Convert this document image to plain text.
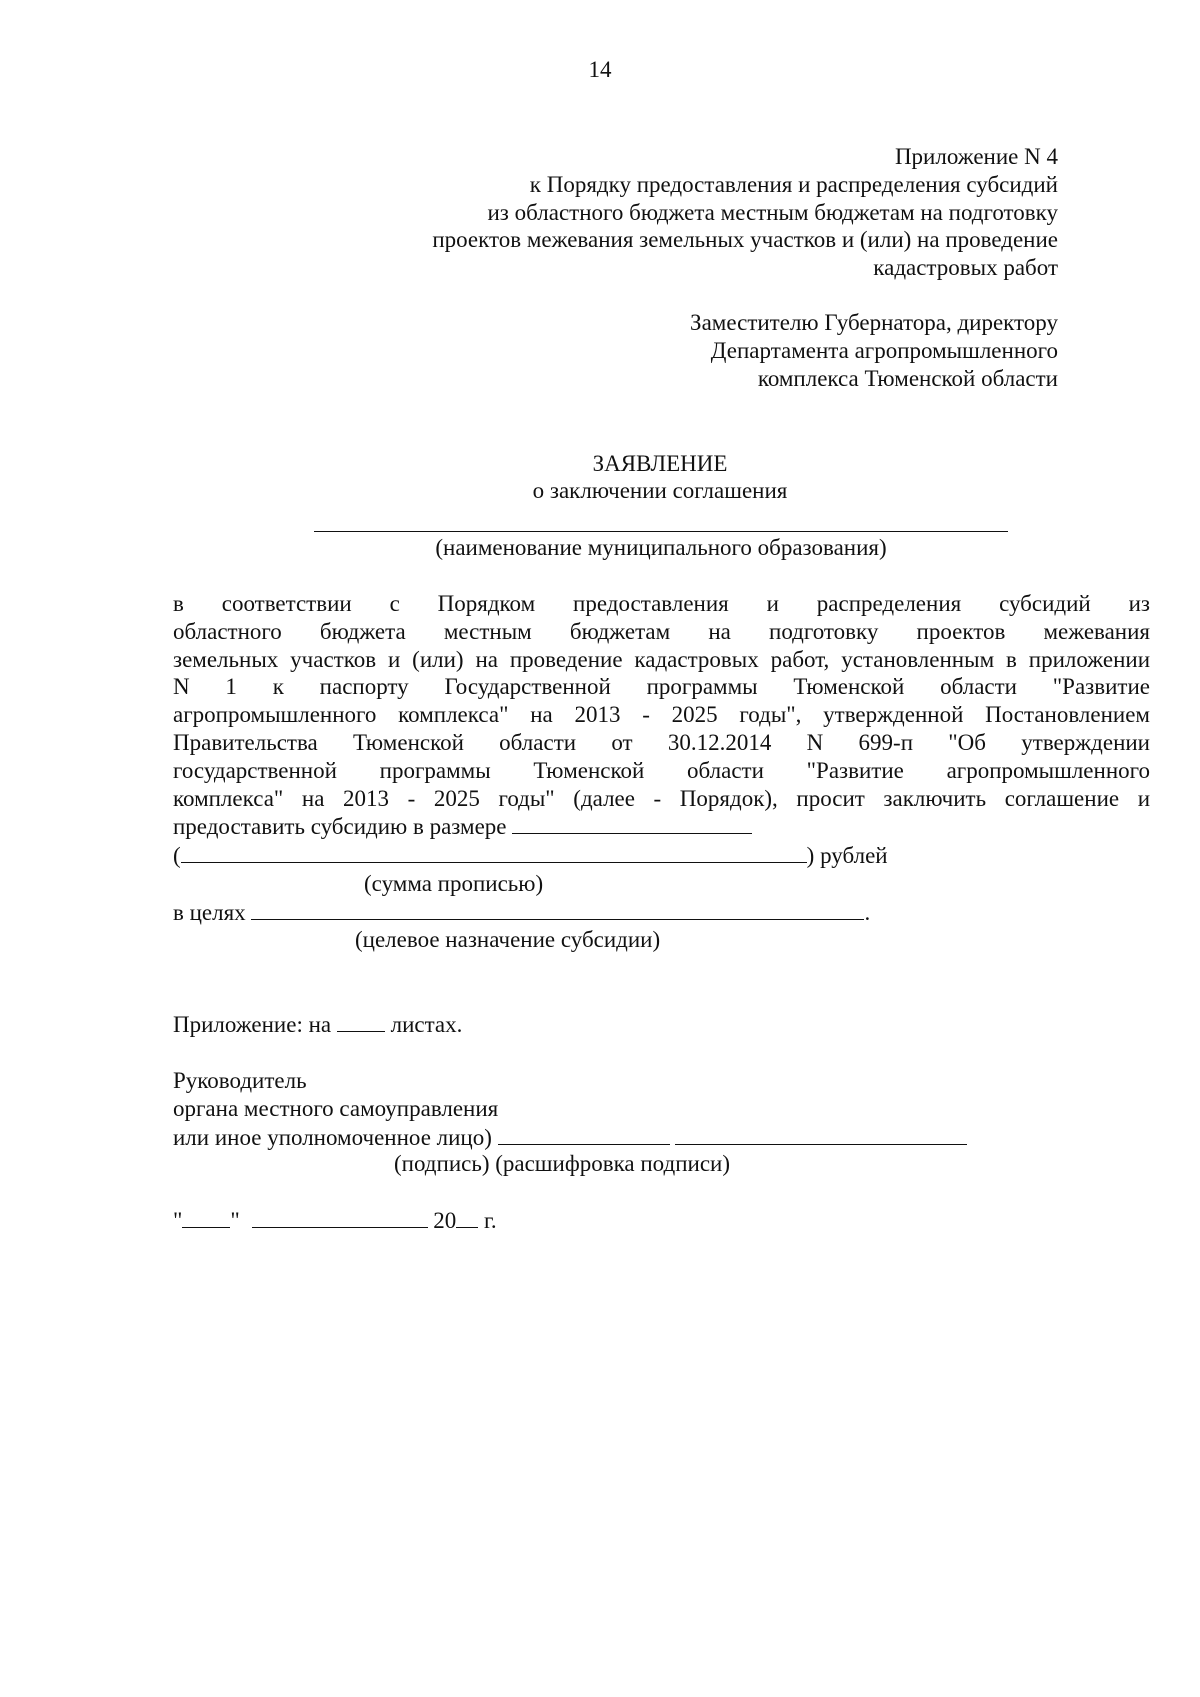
14
Приложение N 4
к Порядку предоставления и распределения субсидий
из областного бюджета местным бюджетам на подготовку
проектов межевания земельных участков и (или) на проведение
кадастровых работ
Заместителю Губернатора, директору
Департамента агропромышленного
комплекса Тюменской области
ЗАЯВЛЕНИЕ
о заключении соглашения
(наименование муниципального образования)
в соответствии с Порядком предоставления и распределения субсидий из
областного бюджета местным бюджетам на подготовку проектов межевания
земельных участков и (или) на проведение кадастровых работ, установленным в приложении
N 1 к паспорту Государственной программы Тюменской области "Развитие
агропромышленного комплекса" на 2013 - 2025 годы", утвержденной Постановлением
Правительства Тюменской области от 30.12.2014 N 699-п "Об утверждении
государственной программы Тюменской области "Развитие агропромышленного
комплекса" на 2013 - 2025 годы" (далее - Порядок), просит заключить соглашение и
предоставить субсидию в размере
(	) рублей
(сумма прописью)
в целях	.
(целевое назначение субсидии)
Приложение: на	листах.
Руководитель
органа местного самоуправления
или иное уполномоченное лицо)
(подпись) (расшифровка подписи)
" "	20 г.
